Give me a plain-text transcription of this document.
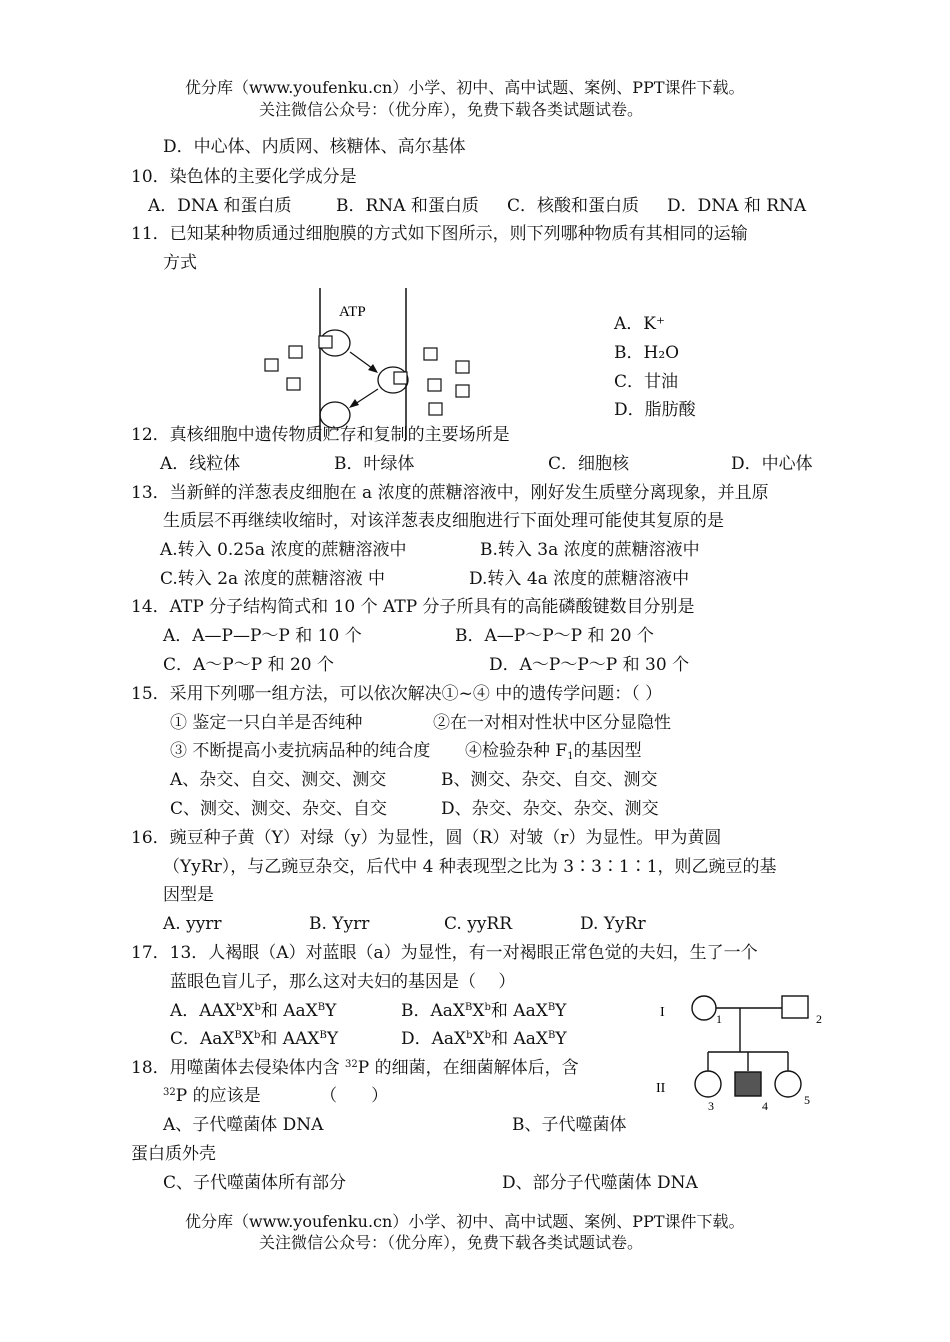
优分库（www.youfenku.cn）小学、初中、高中试题、案例、PPT课件下载。
关注微信公众号：（优分库），免费下载各类试题试卷。
D．中心体、内质网、核糖体、高尔基体
10．染色体的主要化学成分是
A．DNA 和蛋白质	B．RNA 和蛋白质 C．核酸和蛋白质 D．DNA 和 RNA
11．已知某种物质通过细胞膜的方式如下图所示，则下列哪种物质有其相同的运输
方式
ATP
A．K⁺
B．H₂O
C．甘油
D．脂肪酸
12．真核细胞中遗传物质贮存和复制的主要场所是
A．线粒体	B．叶绿体	C．细胞核	D．中心体
13．当新鲜的洋葱表皮细胞在 a 浓度的蔗糖溶液中，刚好发生质壁分离现象，并且原
生质层不再继续收缩时，对该洋葱表皮细胞进行下面处理可能使其复原的是
A.转入 0.25a 浓度的蔗糖溶液中	B.转入 3a 浓度的蔗糖溶液中
C.转入 2a 浓度的蔗糖溶液 中	D.转入 4a 浓度的蔗糖溶液中
14．ATP 分子结构简式和 10 个 ATP 分子所具有的高能磷酸键数目分别是
A．A—P—P～P 和 10 个	B．A—P～P～P 和 20 个
C．A～P～P 和 20 个	D．A～P～P～P 和 30 个
15．采用下列哪一组方法，可以依次解决①~④ 中的遗传学问题：（ ）
① 鉴定一只白羊是否纯种	②在一对相对性状中区分显隐性
③ 不断提高小麦抗病品种的纯合度 ④检验杂种 $F_1$的基因型
A、杂交、自交、测交、测交	B、测交、杂交、自交、测交
C、测交、测交、杂交、自交	D、杂交、杂交、杂交、测交
16．豌豆种子黄（Y）对绿（y）为显性，圆（R）对皱（r）为显性。甲为黄圆
（YyRr），与乙豌豆杂交，后代中 4 种表现型之比为 3∶3∶1∶1，则乙豌豆的基
因型是
A. yyrr	B. Yyrr	C. yyRR	D. YyRr
17．13．人褐眼（A）对蓝眼（a）为显性，有一对褐眼正常色觉的夫妇，生了一个
蓝眼色盲儿子，那么这对夫妇的基因是（　 ）
A．$AAX^bX^b$和 AaX$^B$Y	B．$AaX^BX^b$和 AaX$^B$Y
C．$AaX^BX^b$和 $AAX^BY$	D．$AaX^bX^b$和 AaX$^B$Y
I
II
1	2
3	4	5
18．用噬菌体去侵染体内含 $^{32}$P 的细菌，在细菌解体后，含
$^{32}$P 的应该是　　　　（　　）
A、子代噬菌体 DNA	B、子代噬菌体
蛋白质外壳
C、子代噬菌体所有部分	D、部分子代噬菌体 DNA
优分库（www.youfenku.cn）小学、初中、高中试题、案例、PPT课件下载。
关注微信公众号：（优分库），免费下载各类试题试卷。
